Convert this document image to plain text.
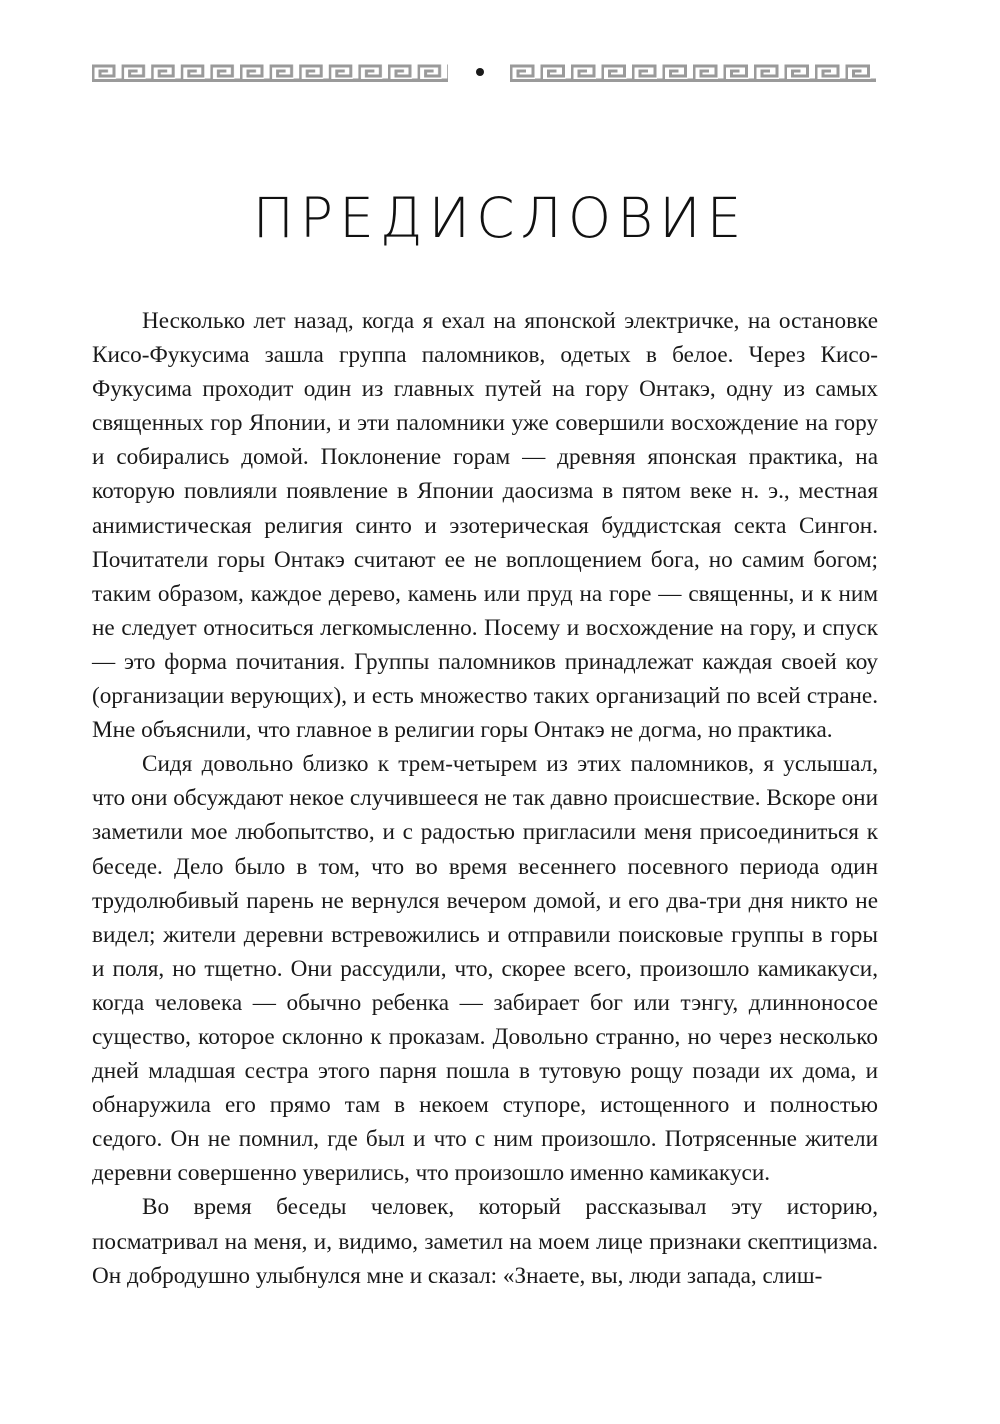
ПРЕДИСЛОВИЕ

Несколько лет назад, когда я ехал на японской электричке, на остановке Кисо-Фукусима зашла группа паломников, одетых в белое. Через Кисо-Фукусима проходит один из главных путей на гору Онтакэ, одну из самых священных гор Японии, и эти паломники уже совершили восхождение на гору и собирались домой. Поклонение горам — древняя японская практика, на которую повлияли появление в Японии даосизма в пятом веке н. э., местная анимистическая религия синто и эзотерическая буддистская секта Сингон. Почитатели горы Онтакэ считают ее не воплощением бога, но самим богом; таким образом, каждое дерево, камень или пруд на горе — священны, и к ним не следует относиться легкомысленно. Посему и восхождение на гору, и спуск — это форма почитания. Группы паломников принадлежат каждая своей коу (организации верующих), и есть множество таких организаций по всей стране. Мне объяснили, что главное в религии горы Онтакэ не догма, но практика.

Сидя довольно близко к трем-четырем из этих паломников, я услышал, что они обсуждают некое случившееся не так давно происшествие. Вскоре они заметили мое любопытство, и с радостью пригласили меня присоединиться к беседе. Дело было в том, что во время весеннего посевного периода один трудолюбивый парень не вернулся вечером домой, и его два-три дня никто не видел; жители деревни встревожились и отправили поисковые группы в горы и поля, но тщетно. Они рассудили, что, скорее всего, произошло камикакуси, когда человека — обычно ребенка — забирает бог или тэнгу, длинноносое существо, которое склонно к проказам. Довольно странно, но через несколько дней младшая сестра этого парня пошла в тутовую рощу позади их дома, и обнаружила его прямо там в некоем ступоре, истощенного и полностью седого. Он не помнил, где был и что с ним произошло. Потрясенные жители деревни совершенно уверились, что произошло именно камикакуси.

Во время беседы человек, который рассказывал эту историю, посматривал на меня, и, видимо, заметил на моем лице признаки скептицизма. Он добродушно улыбнулся мне и сказал: «Знаете, вы, люди запада, слиш-
